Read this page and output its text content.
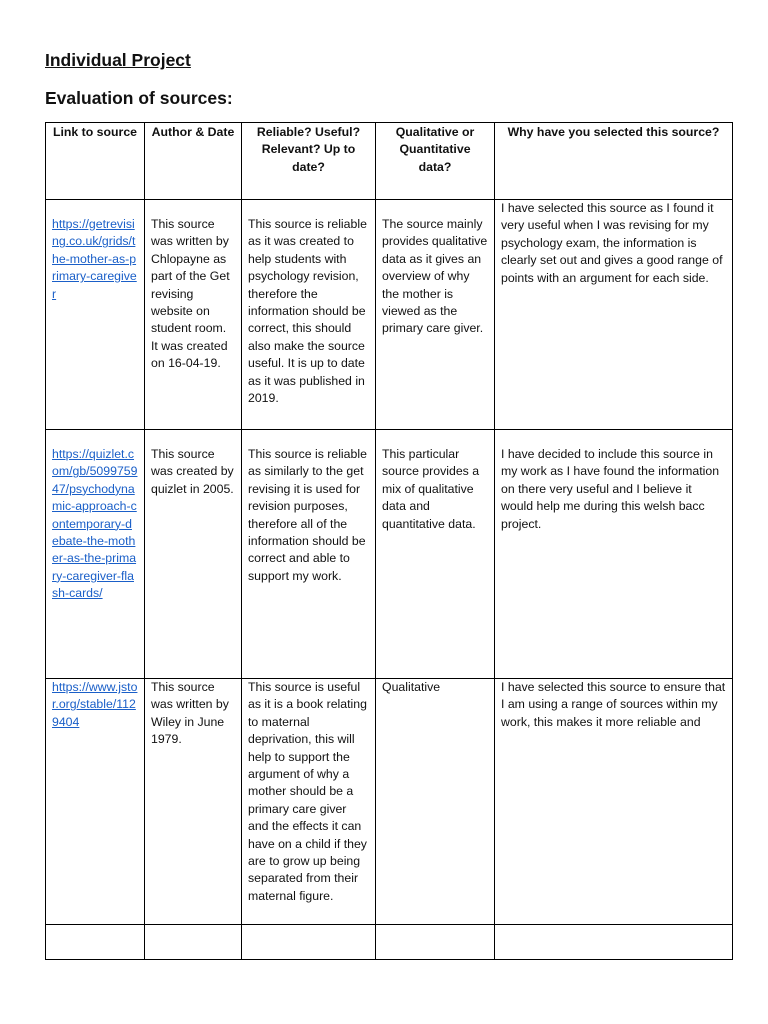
Individual Project
Evaluation of sources:
Link to source	Author & Date	Reliable? Useful? Relevant? Up to date?	Qualitative or Quantitative data?	Why have you selected this source?
https://getrevising.co.uk/grids/the-mother-as-primary-caregiver	This source was written by Chlopayne as part of the Get revising website on student room. It was created on 16-04-19.	This source is reliable as it was created to help students with psychology revision, therefore the information should be correct, this should also make the source useful. It is up to date as it was published in 2019.	The source mainly provides qualitative data as it gives an overview of why the mother is viewed as the primary care giver.	I have selected this source as I found it very useful when I was revising for my psychology exam, the information is clearly set out and gives a good range of points with an argument for each side.
https://quizlet.com/gb/509975947/psychodynamic-approach-contemporary-debate-the-mother-as-the-primary-caregiver-flash-cards/	This source was created by quizlet in 2005.	This source is reliable as similarly to the get revising it is used for revision purposes, therefore all of the information should be correct and able to support my work.	This particular source provides a mix of qualitative data and quantitative data.	I have decided to include this source in my work as I have found the information on there very useful and I believe it would help me during this welsh bacc project.
https://www.jstor.org/stable/1129404	This source was written by Wiley in June 1979.	This source is useful as it is a book relating to maternal deprivation, this will help to support the argument of why a mother should be a primary care giver and the effects it can have on a child if they are to grow up being separated from their maternal figure.	Qualitative	I have selected this source to ensure that I am using a range of sources within my work, this makes it more reliable and
